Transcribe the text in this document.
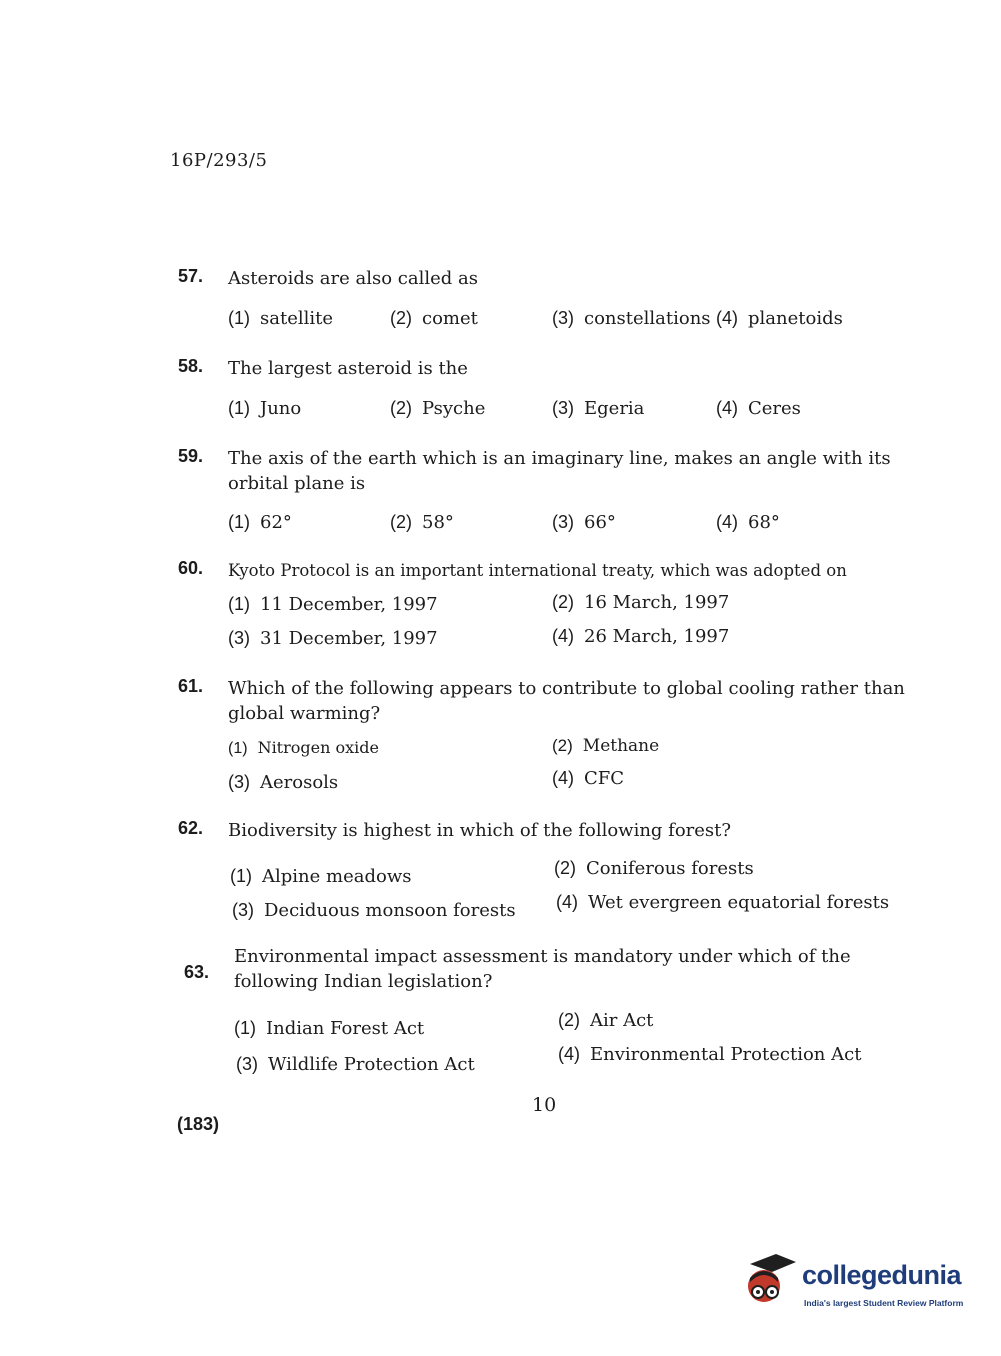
16P/293/5
57. Asteroids are also called as
(1) satellite	(2) comet	(3) constellations (4) planetoids
58. The largest asteroid is the
(1) Juno	(2) Psyche	(3) Egeria	(4) Ceres
59. The axis of the earth which is an imaginary line, makes an angle with its orbital plane is
(1) 62°	(2) 58°	(3) 66°	(4) 68°
60. Kyoto Protocol is an important international treaty, which was adopted on
(1) 11 December, 1997	(2) 16 March, 1997
(3) 31 December, 1997	(4) 26 March, 1997
61. Which of the following appears to contribute to global cooling rather than global warming?
(1) Nitrogen oxide	(2) Methane
(3) Aerosols	(4) CFC
62. Biodiversity is highest in which of the following forest?
(1) Alpine meadows	(2) Coniferous forests
(3) Deciduous monsoon forests (4) Wet evergreen equatorial forests
63.
Environmental impact assessment is mandatory under which of the following Indian legislation?
(1) Indian Forest Act	(2) Air Act
(3) Wildlife Protection Act	(4) Environmental Protection Act
10
(183)
collegedunia
India's largest Student Review Platform
